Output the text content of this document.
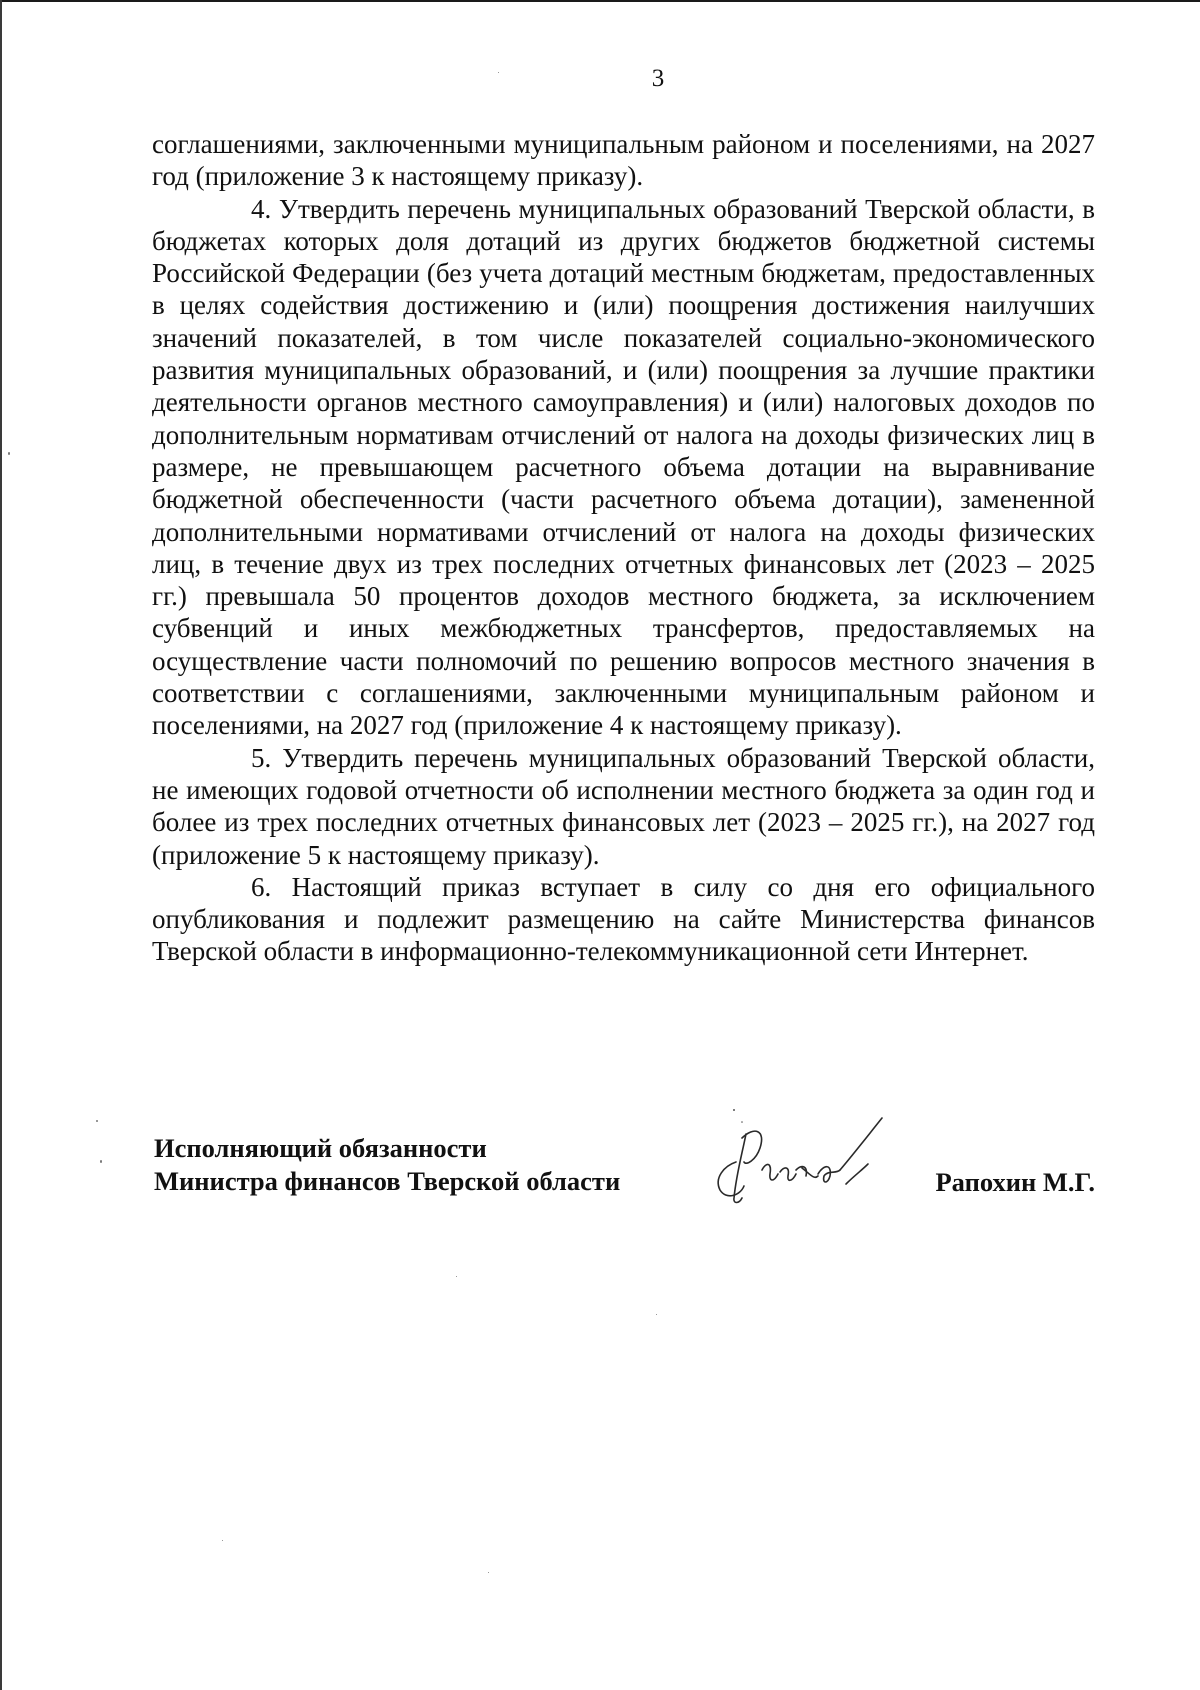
3

соглашениями, заключенными муниципальным районом и поселениями, на 2027 год (приложение 3 к настоящему приказу).

4. Утвердить перечень муниципальных образований Тверской области, в бюджетах которых доля дотаций из других бюджетов бюджетной системы Российской Федерации (без учета дотаций местным бюджетам, предоставленных в целях содействия достижению и (или) поощрения достижения наилучших значений показателей, в том числе показателей социально-экономического развития муниципальных образований, и (или) поощрения за лучшие практики деятельности органов местного самоуправления) и (или) налоговых доходов по дополнительным нормативам отчислений от налога на доходы физических лиц в размере, не превышающем расчетного объема дотации на выравнивание бюджетной обеспеченности (части расчетного объема дотации), замененной дополнительными нормативами отчислений от налога на доходы физических лиц, в течение двух из трех последних отчетных финансовых лет (2023 – 2025 гг.) превышала 50 процентов доходов местного бюджета, за исключением субвенций и иных межбюджетных трансфертов, предоставляемых на осуществление части полномочий по решению вопросов местного значения в соответствии с соглашениями, заключенными муниципальным районом и поселениями, на 2027 год (приложение 4 к настоящему приказу).

5. Утвердить перечень муниципальных образований Тверской области, не имеющих годовой отчетности об исполнении местного бюджета за один год и более из трех последних отчетных финансовых лет (2023 – 2025 гг.), на 2027 год (приложение 5 к настоящему приказу).

6. Настоящий приказ вступает в силу со дня его официального опубликования и подлежит размещению на сайте Министерства финансов Тверской области в информационно-телекоммуникационной сети Интернет.

Исполняющий обязанности
Министра финансов Тверской области	Рапохин М.Г.
